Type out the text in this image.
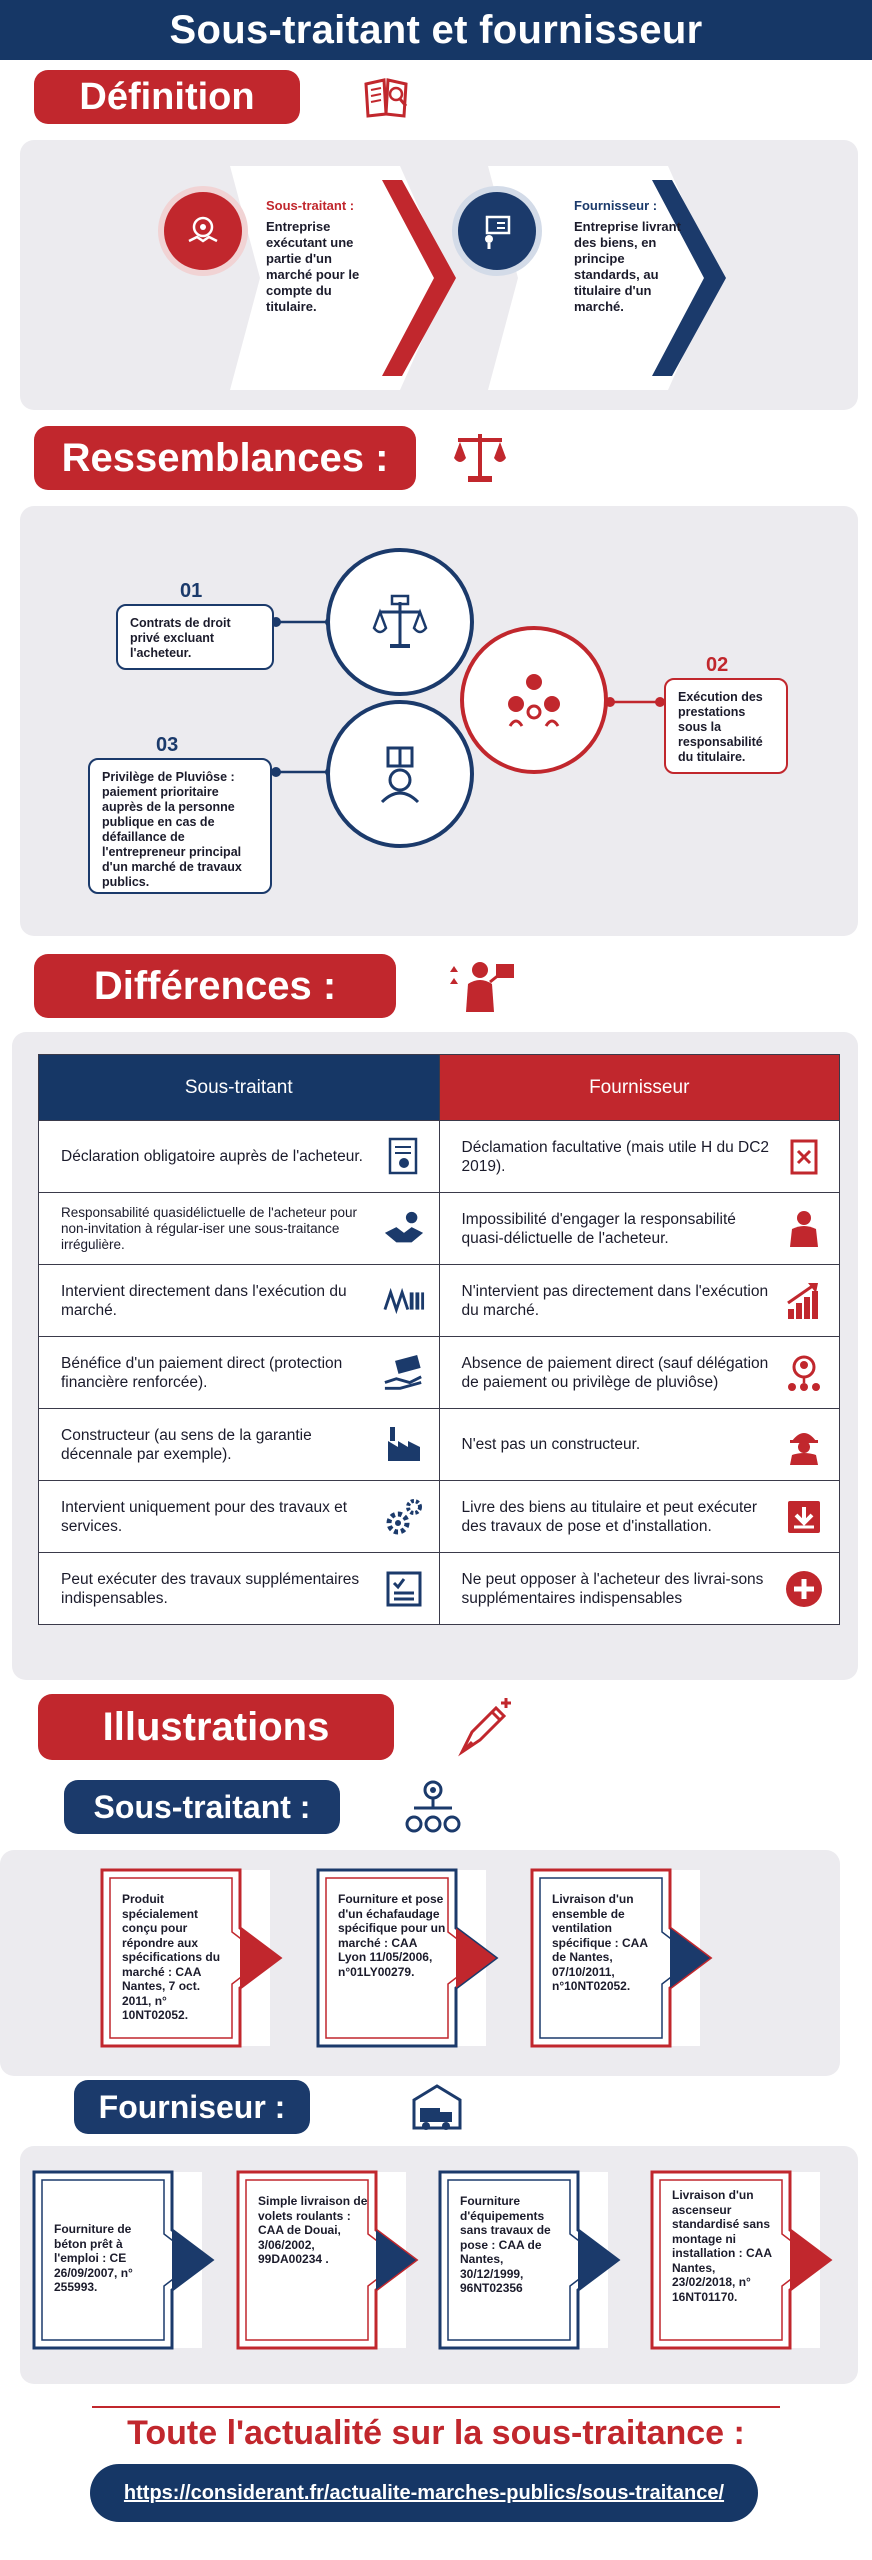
Sous-traitant et fournisseur
Définition
Sous-traitant :
Entreprise exécutant une partie d'un marché pour le compte du titulaire.
Fournisseur :
Entreprise livrant des biens, en principe standards, au titulaire d'un marché.
Ressemblances :
01
Contrats de droit privé excluant l'acheteur.
02
Exécution des prestations sous la responsabilité du titulaire.
03
Privilège de Pluviôse : paiement prioritaire auprès de la personne publique en cas de défaillance de l'entrepreneur principal d'un marché de travaux publics.
Différences :
Sous-traitant	Fournisseur
Déclaration obligatoire auprès de l'acheteur.	Déclamation facultative (mais utile H du DC2 2019).

Responsabilité quasidélictuelle de l'acheteur pour non-invitation à régular-iser une sous-traitance irrégulière.	Impossibilité d'engager la responsabilité quasi-délictuelle de l'acheteur.

Intervient directement dans l'exécution du marché.	N'intervient pas directement dans l'exécution du marché.

Bénéfice d'un paiement direct (protection financière renforcée).	Absence de paiement direct (sauf délégation de paiement ou privilège de pluviôse)

Constructeur (au sens de la garantie décennale par exemple).	N'est pas un constructeur.

Intervient uniquement pour des travaux et services.	Livre des biens au titulaire et peut exécuter des travaux de pose et d'installation.

Peut exécuter des travaux supplémentaires indispensables.	Ne peut opposer à l'acheteur des livrai-sons supplémentaires indispensables
Illustrations
Sous-traitant :
Produit spécialement conçu pour répondre aux spécifications du marché : CAA Nantes, 7 oct. 2011, n° 10NT02052.
Fourniture et pose d'un échafaudage spécifique pour un marché : CAA Lyon 11/05/2006, n°01LY00279.
Livraison d'un ensemble de ventilation spécifique : CAA de Nantes, 07/10/2011, n°10NT02052.
Fourniseur :
Fourniture de béton prêt à l'emploi : CE 26/09/2007, n° 255993.
Simple livraison de volets roulants : CAA de Douai, 3/06/2002, 99DA00234 .
Fourniture d'équipements sans travaux de pose : CAA de Nantes, 30/12/1999, 96NT02356
Livraison d'un ascenseur standardisé sans montage ni installation : CAA Nantes, 23/02/2018, n° 16NT01170.
Toute l'actualité sur la sous-traitance :
https://considerant.fr/actualite-marches-publics/sous-traitance/
